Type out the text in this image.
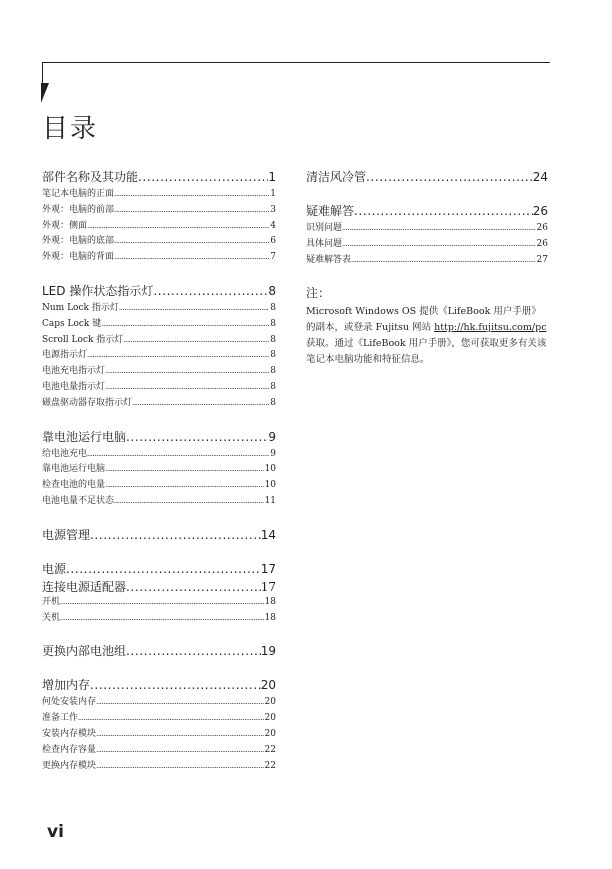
目录
部件名称及其功能 .....	1
笔记本电脑的正面 .....	1
外观：电脑的前部 .....	3
外观：侧面 .....	4
外观：电脑的底部 .....	6
外观：电脑的背面 .....	7
LED 操作状态指示灯 .....	8
Num Lock 指示灯 .....	8
Caps Lock 键 .....	8
Scroll Lock 指示灯 .....	8
电源指示灯 .....	8
电池充电指示灯 .....	8
电池电量指示灯 .....	8
磁盘驱动器存取指示灯 .....	8
靠电池运行电脑 .....	9
给电池充电 .....	9
靠电池运行电脑 .....	10
检查电池的电量 .....	10
电池电量不足状态 .....	11
电源管理 .....	14
电源 .....	17
连接电源适配器 .....	17
开机 .....	18
关机 .....	18
更换内部电池组 .....	19
增加内存 .....	20
何处安装内存 .....	20
准备工作 .....	20
安装内存模块 .....	20
检查内存容量 .....	22
更换内存模块 .....	22
清洁风冷管 .....	24
疑难解答 .....	26
识别问题 .....	26
具体问题 .....	26
疑难解答表 .....	27
注：
Microsoft Windows OS 提供《LifeBook 用户手册》的副本，或登录 Fujitsu 网站 http://hk.fujitsu.com/pc 获取。通过《LifeBook 用户手册》，您可获取更多有关该笔记本电脑功能和特征信息。
vi
